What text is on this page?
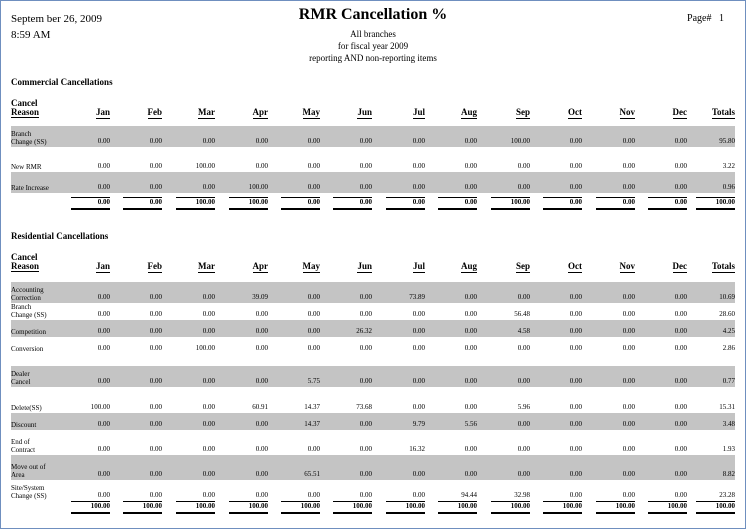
Septem ber 26, 2009
8:59 AM
RMR Cancellation %
All branches
for fiscal year 2009
reporting AND non-reporting items
Page# 1
Commercial Cancellations
Cancel
Reason	Jan	Feb	Mar	Apr	May	Jun	Jul	Aug	Sep	Oct	Nov	Dec	Totals
Branch
Change (SS)	0.00	0.00	0.00	0.00	0.00	0.00	0.00	0.00	100.00	0.00	0.00	0.00	95.80
New RMR	0.00	0.00	100.00	0.00	0.00	0.00	0.00	0.00	0.00	0.00	0.00	0.00	3.22
Rate Increase	0.00	0.00	0.00	100.00	0.00	0.00	0.00	0.00	0.00	0.00	0.00	0.00	0.96
0.00	0.00	100.00	100.00	0.00	0.00	0.00	0.00	100.00	0.00	0.00	0.00	100.00
Residential Cancellations
Cancel
Reason	Jan	Feb	Mar	Apr	May	Jun	Jul	Aug	Sep	Oct	Nov	Dec	Totals
Accounting
Correction	0.00	0.00	0.00	39.09	0.00	0.00	73.89	0.00	0.00	0.00	0.00	0.00	10.69
Branch
Change (SS)	0.00	0.00	0.00	0.00	0.00	0.00	0.00	0.00	56.48	0.00	0.00	0.00	28.60
Competition	0.00	0.00	0.00	0.00	0.00	26.32	0.00	0.00	4.58	0.00	0.00	0.00	4.25
Conversion	0.00	0.00	100.00	0.00	0.00	0.00	0.00	0.00	0.00	0.00	0.00	0.00	2.86
Dealer
Cancel	0.00	0.00	0.00	0.00	5.75	0.00	0.00	0.00	0.00	0.00	0.00	0.00	0.77
Delete(SS)	100.00	0.00	0.00	60.91	14.37	73.68	0.00	0.00	5.96	0.00	0.00	0.00	15.31
Discount	0.00	0.00	0.00	0.00	14.37	0.00	9.79	5.56	0.00	0.00	0.00	0.00	3.48
End of
Contract	0.00	0.00	0.00	0.00	0.00	0.00	16.32	0.00	0.00	0.00	0.00	0.00	1.93
Move out of
Area	0.00	0.00	0.00	0.00	65.51	0.00	0.00	0.00	0.00	0.00	0.00	0.00	8.82
Site/System
Change (SS)	0.00	0.00	0.00	0.00	0.00	0.00	0.00	94.44	32.98	0.00	0.00	0.00	23.28
100.00	100.00	100.00	100.00	100.00	100.00	100.00	100.00	100.00	100.00	100.00	100.00	100.00
